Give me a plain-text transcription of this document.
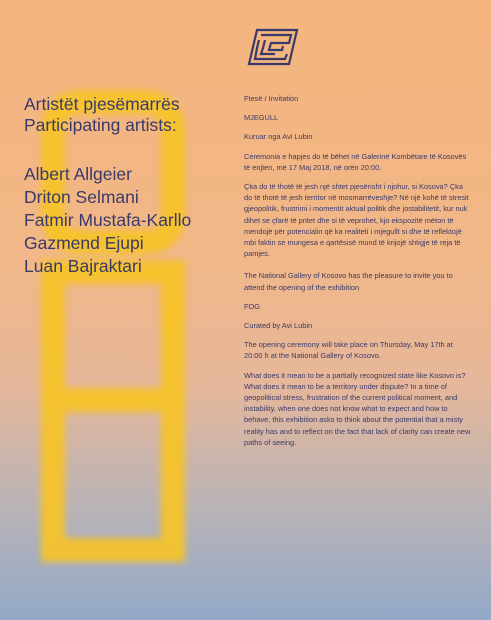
Artistët pjesëmarrës

Participating artists:

Albert Allgeier
Driton Selmani
Fatmir Mustafa-Karllo
Gazmend Ejupi
Luan Bajraktari

Ftesë / Invitation

MJEGULL

Kuruar nga Avi Lubin

Ceremonia e hapjes do të bëhet në Galerinë Kombëtare të Kosovës të enjten, më 17 Maj 2018, në orën 20:00.

Çka do të thotë të jesh një shtet pjesërisht i njohur, si Kosova? Çka do të thotë të jesh territor në mosmarrëveshje? Në një kohë të stresit gjeopolitik, frustrimi i momentit aktual politik dhe jostabilitetit, kur nuk dihet se çfarë të pritet dhe si të veprohet, kjo ekspozitë mëton të mendojë për potencialin që ka realiteti i mjegullt si dhe të reflektojë mbi faktin se mungesa e qartësisë mund të krijojë shtigje të reja të pamjes.

The National Gallery of Kosovo has the pleasure to invite you to attend the opening of the exhibition

FOG

Curated by Avi Lubin

The opening ceremony will take place on Thursday, May 17th at 20:00 h at the National Gallery of Kosovo.

What does it mean to be a partially recognized state like Kosovo is? What does it mean to be a territory under dispute? In a time of geopolitical stress, frustration of the current political moment, and instability, when one does not know what to expect and how to behave, this exhibition asks to think about the potential that a misty reality has and to reflect on the fact that lack of clarity can create new paths of seeing.
